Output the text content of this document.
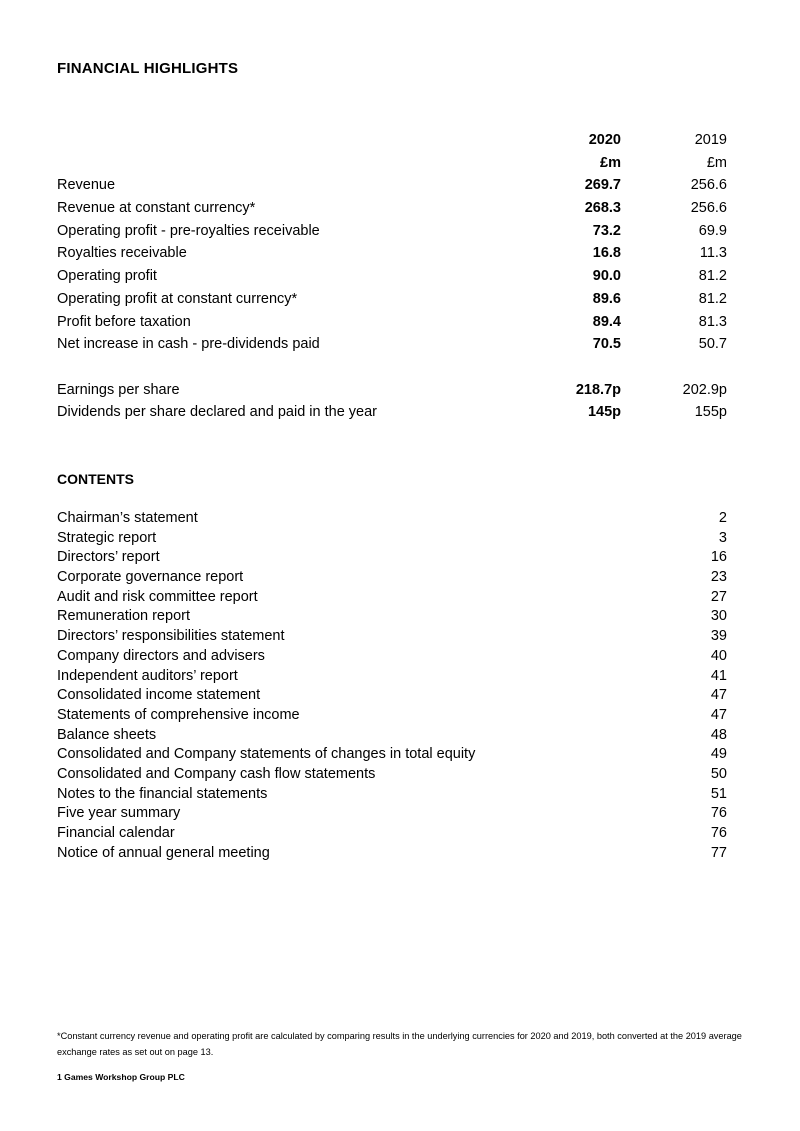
FINANCIAL HIGHLIGHTS
2020	2019
£m	£m
Revenue	269.7	256.6
Revenue at constant currency*	268.3	256.6
Operating profit - pre-royalties receivable	73.2	69.9
Royalties receivable	16.8	11.3
Operating profit	90.0	81.2
Operating profit at constant currency*	89.6	81.2
Profit before taxation	89.4	81.3
Net increase in cash - pre-dividends paid	70.5	50.7
Earnings per share	218.7p	202.9p
Dividends per share declared and paid in the year	145p	155p
CONTENTS
Chairman’s statement	2
Strategic report	3
Directors’ report	16
Corporate governance report	23
Audit and risk committee report	27
Remuneration report	30
Directors’ responsibilities statement	39
Company directors and advisers	40
Independent auditors’ report	41
Consolidated income statement	47
Statements of comprehensive income	47
Balance sheets	48
Consolidated and Company statements of changes in total equity	49
Consolidated and Company cash flow statements	50
Notes to the financial statements	51
Five year summary	76
Financial calendar	76
Notice of annual general meeting	77
*Constant currency revenue and operating profit are calculated by comparing results in the underlying currencies for 2020 and 2019, both converted at the 2019 average exchange rates as set out on page 13.
1 Games Workshop Group PLC
